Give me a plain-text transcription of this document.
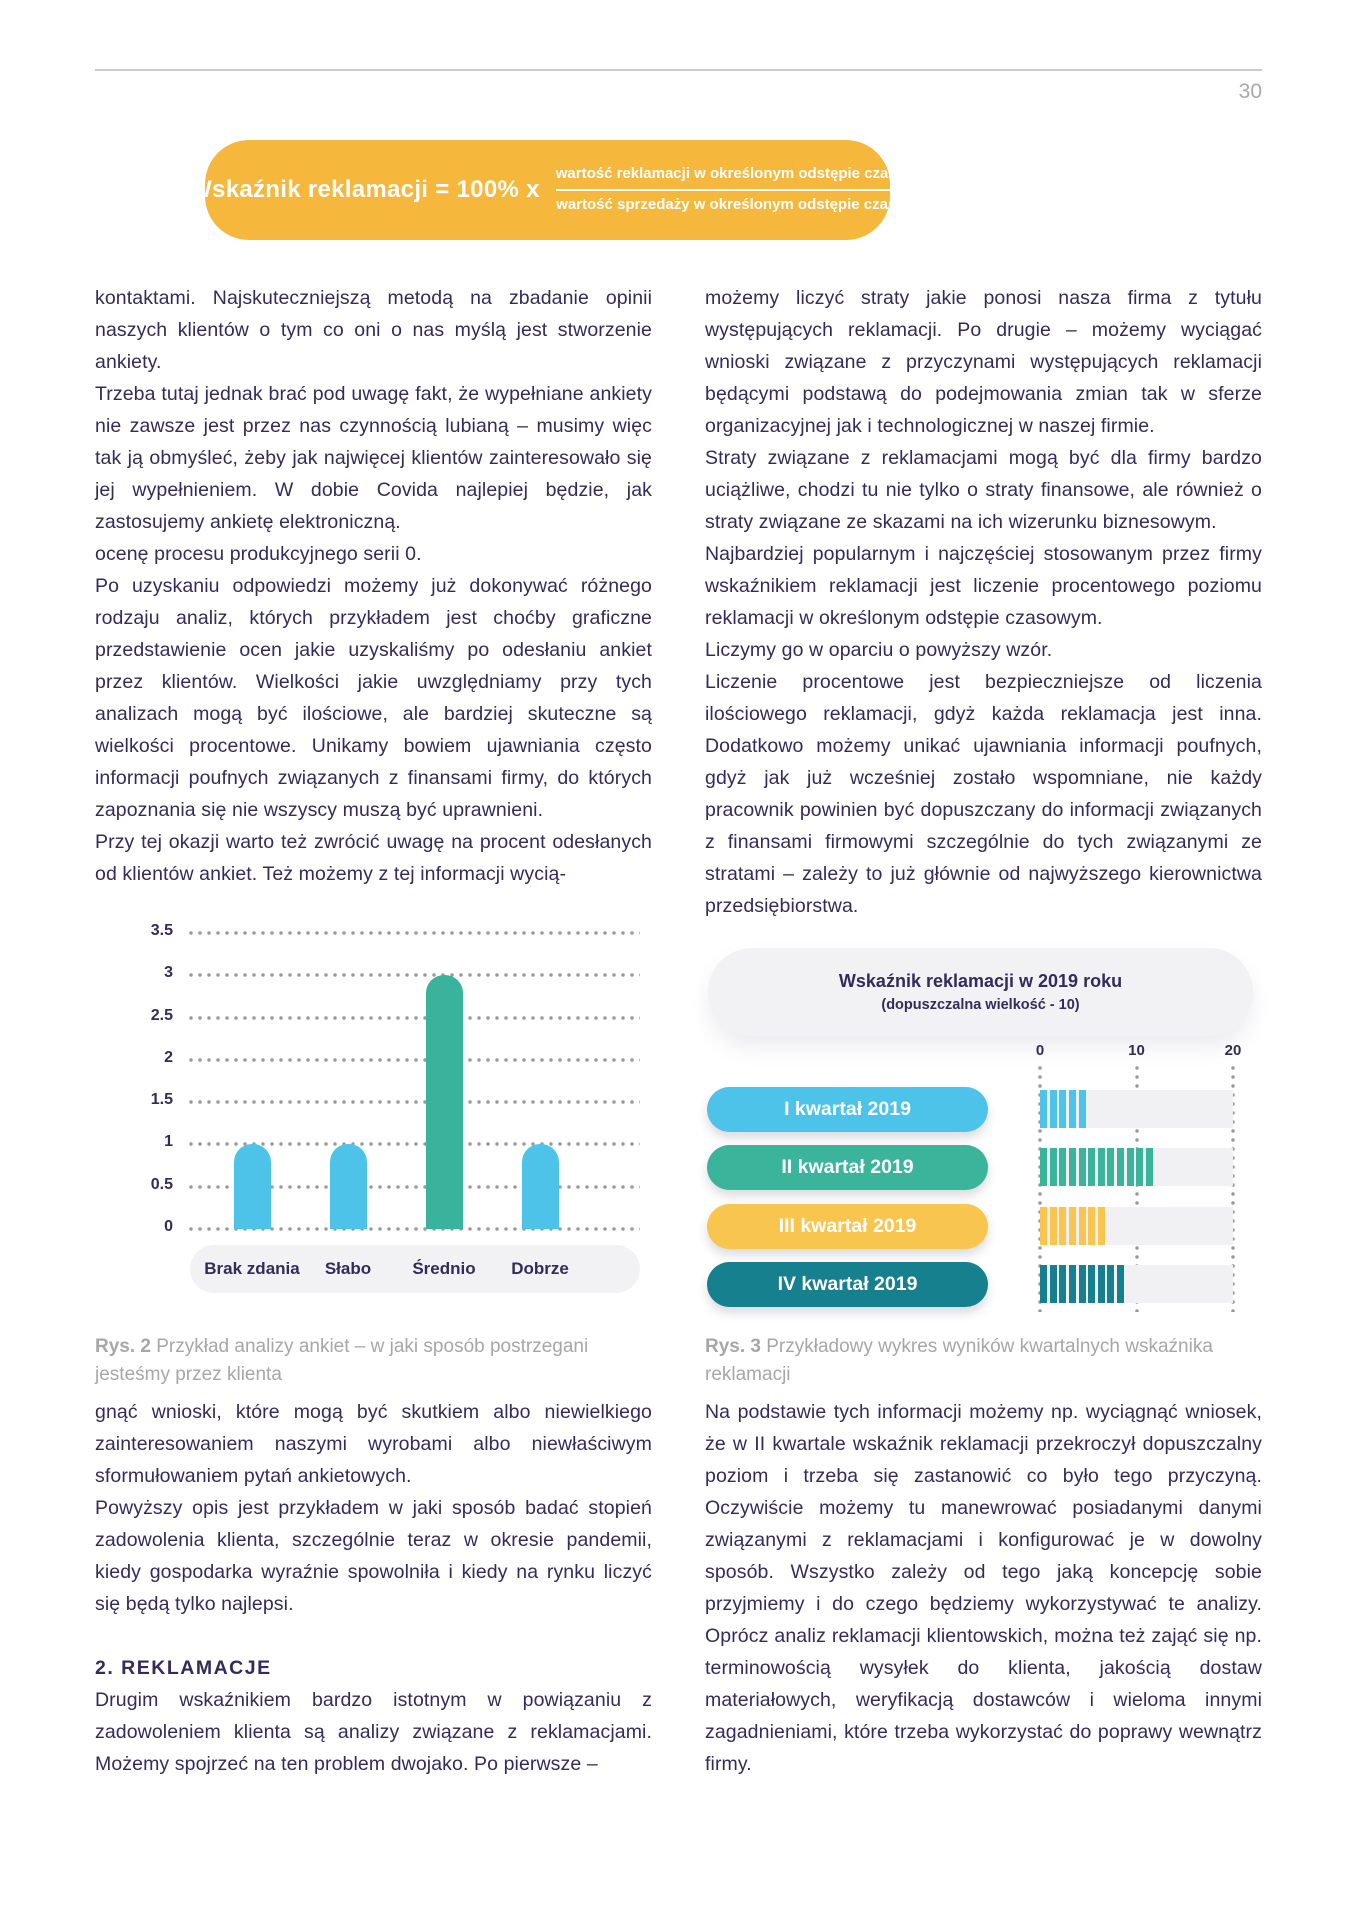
30
Wskaźnik reklamacji = 100% x $\frac{\text{wartość reklamacji w określonym odstępie czasu}}{\text{wartość sprzedaży w określonym odstępie czasu}}$

kontaktami. Najskuteczniejszą metodą na zbadanie opinii naszych klientów o tym co oni o nas myślą jest stworzenie ankiety.

Trzeba tutaj jednak brać pod uwagę fakt, że wypełniane ankiety nie zawsze jest przez nas czynnością lubianą – musimy więc tak ją obmyśleć, żeby jak najwięcej klientów zainteresowało się jej wypełnieniem. W dobie Covida najlepiej będzie, jak zastosujemy ankietę elektroniczną.

ocenę procesu produkcyjnego serii 0.

Po uzyskaniu odpowiedzi możemy już dokonywać różnego rodzaju analiz, których przykładem jest choćby graficzne przedstawienie ocen jakie uzyskaliśmy po odesłaniu ankiet przez klientów. Wielkości jakie uwzględniamy przy tych analizach mogą być ilościowe, ale bardziej skuteczne są wielkości procentowe. Unikamy bowiem ujawniania często informacji poufnych związanych z finansami firmy, do których zapoznania się nie wszyscy muszą być uprawnieni.

Przy tej okazji warto też zwrócić uwagę na procent odesłanych od klientów ankiet. Też możemy z tej informacji wycią-

możemy liczyć straty jakie ponosi nasza firma z tytułu występujących reklamacji. Po drugie – możemy wyciągać wnioski związane z przyczynami występujących reklamacji będącymi podstawą do podejmowania zmian tak w sferze organizacyjnej jak i technologicznej w naszej firmie.

Straty związane z reklamacjami mogą być dla firmy bardzo uciążliwe, chodzi tu nie tylko o straty finansowe, ale również o straty związane ze skazami na ich wizerunku biznesowym.

Najbardziej popularnym i najczęściej stosowanym przez firmy wskaźnikiem reklamacji jest liczenie procentowego poziomu reklamacji w określonym odstępie czasowym.

Liczymy go w oparciu o powyższy wzór.

Liczenie procentowe jest bezpieczniejsze od liczenia ilościowego reklamacji, gdyż każda reklamacja jest inna. Dodatkowo możemy unikać ujawniania informacji poufnych, gdyż jak już wcześniej zostało wspomniane, nie każdy pracownik powinien być dopuszczany do informacji związanych z finansami firmowymi szczególnie do tych związanymi ze stratami – zależy to już głównie od najwyższego kierownictwa przedsiębiorstwa.

3.5
3
2.5
2
1.5
1
0.5
0
Brak zdania	Słabo	Średnio	Dobrze
Wskaźnik reklamacji w 2019 roku
(dopuszczalna wielkość - 10)
0	10	20
I kwartał 2019
II kwartał 2019
III kwartał 2019
IV kwartał 2019
Rys. 2 Przykład analizy ankiet – w jaki sposób postrzegani jesteśmy przez klienta
Rys. 3 Przykładowy wykres wyników kwartalnych wskaźnika reklamacji

gnąć wnioski, które mogą być skutkiem albo niewielkiego zainteresowaniem naszymi wyrobami albo niewłaściwym sformułowaniem pytań ankietowych.

Powyższy opis jest przykładem w jaki sposób badać stopień zadowolenia klienta, szczególnie teraz w okresie pandemii, kiedy gospodarka wyraźnie spowolniła i kiedy na rynku liczyć się będą tylko najlepsi.

2. REKLAMACJE

Drugim wskaźnikiem bardzo istotnym w powiązaniu z zadowoleniem klienta są analizy związane z reklamacjami. Możemy spojrzeć na ten problem dwojako. Po pierwsze –

Na podstawie tych informacji możemy np. wyciągnąć wniosek, że w II kwartale wskaźnik reklamacji przekroczył dopuszczalny poziom i trzeba się zastanowić co było tego przyczyną. Oczywiście możemy tu manewrować posiadanymi danymi związanymi z reklamacjami i konfigurować je w dowolny sposób. Wszystko zależy od tego jaką koncepcję sobie przyjmiemy i do czego będziemy wykorzystywać te analizy. Oprócz analiz reklamacji klientowskich, można też zająć się np. terminowością wysyłek do klienta, jakością dostaw materiałowych, weryfikacją dostawców i wieloma innymi zagadnieniami, które trzeba wykorzystać do poprawy wewnątrz firmy.
